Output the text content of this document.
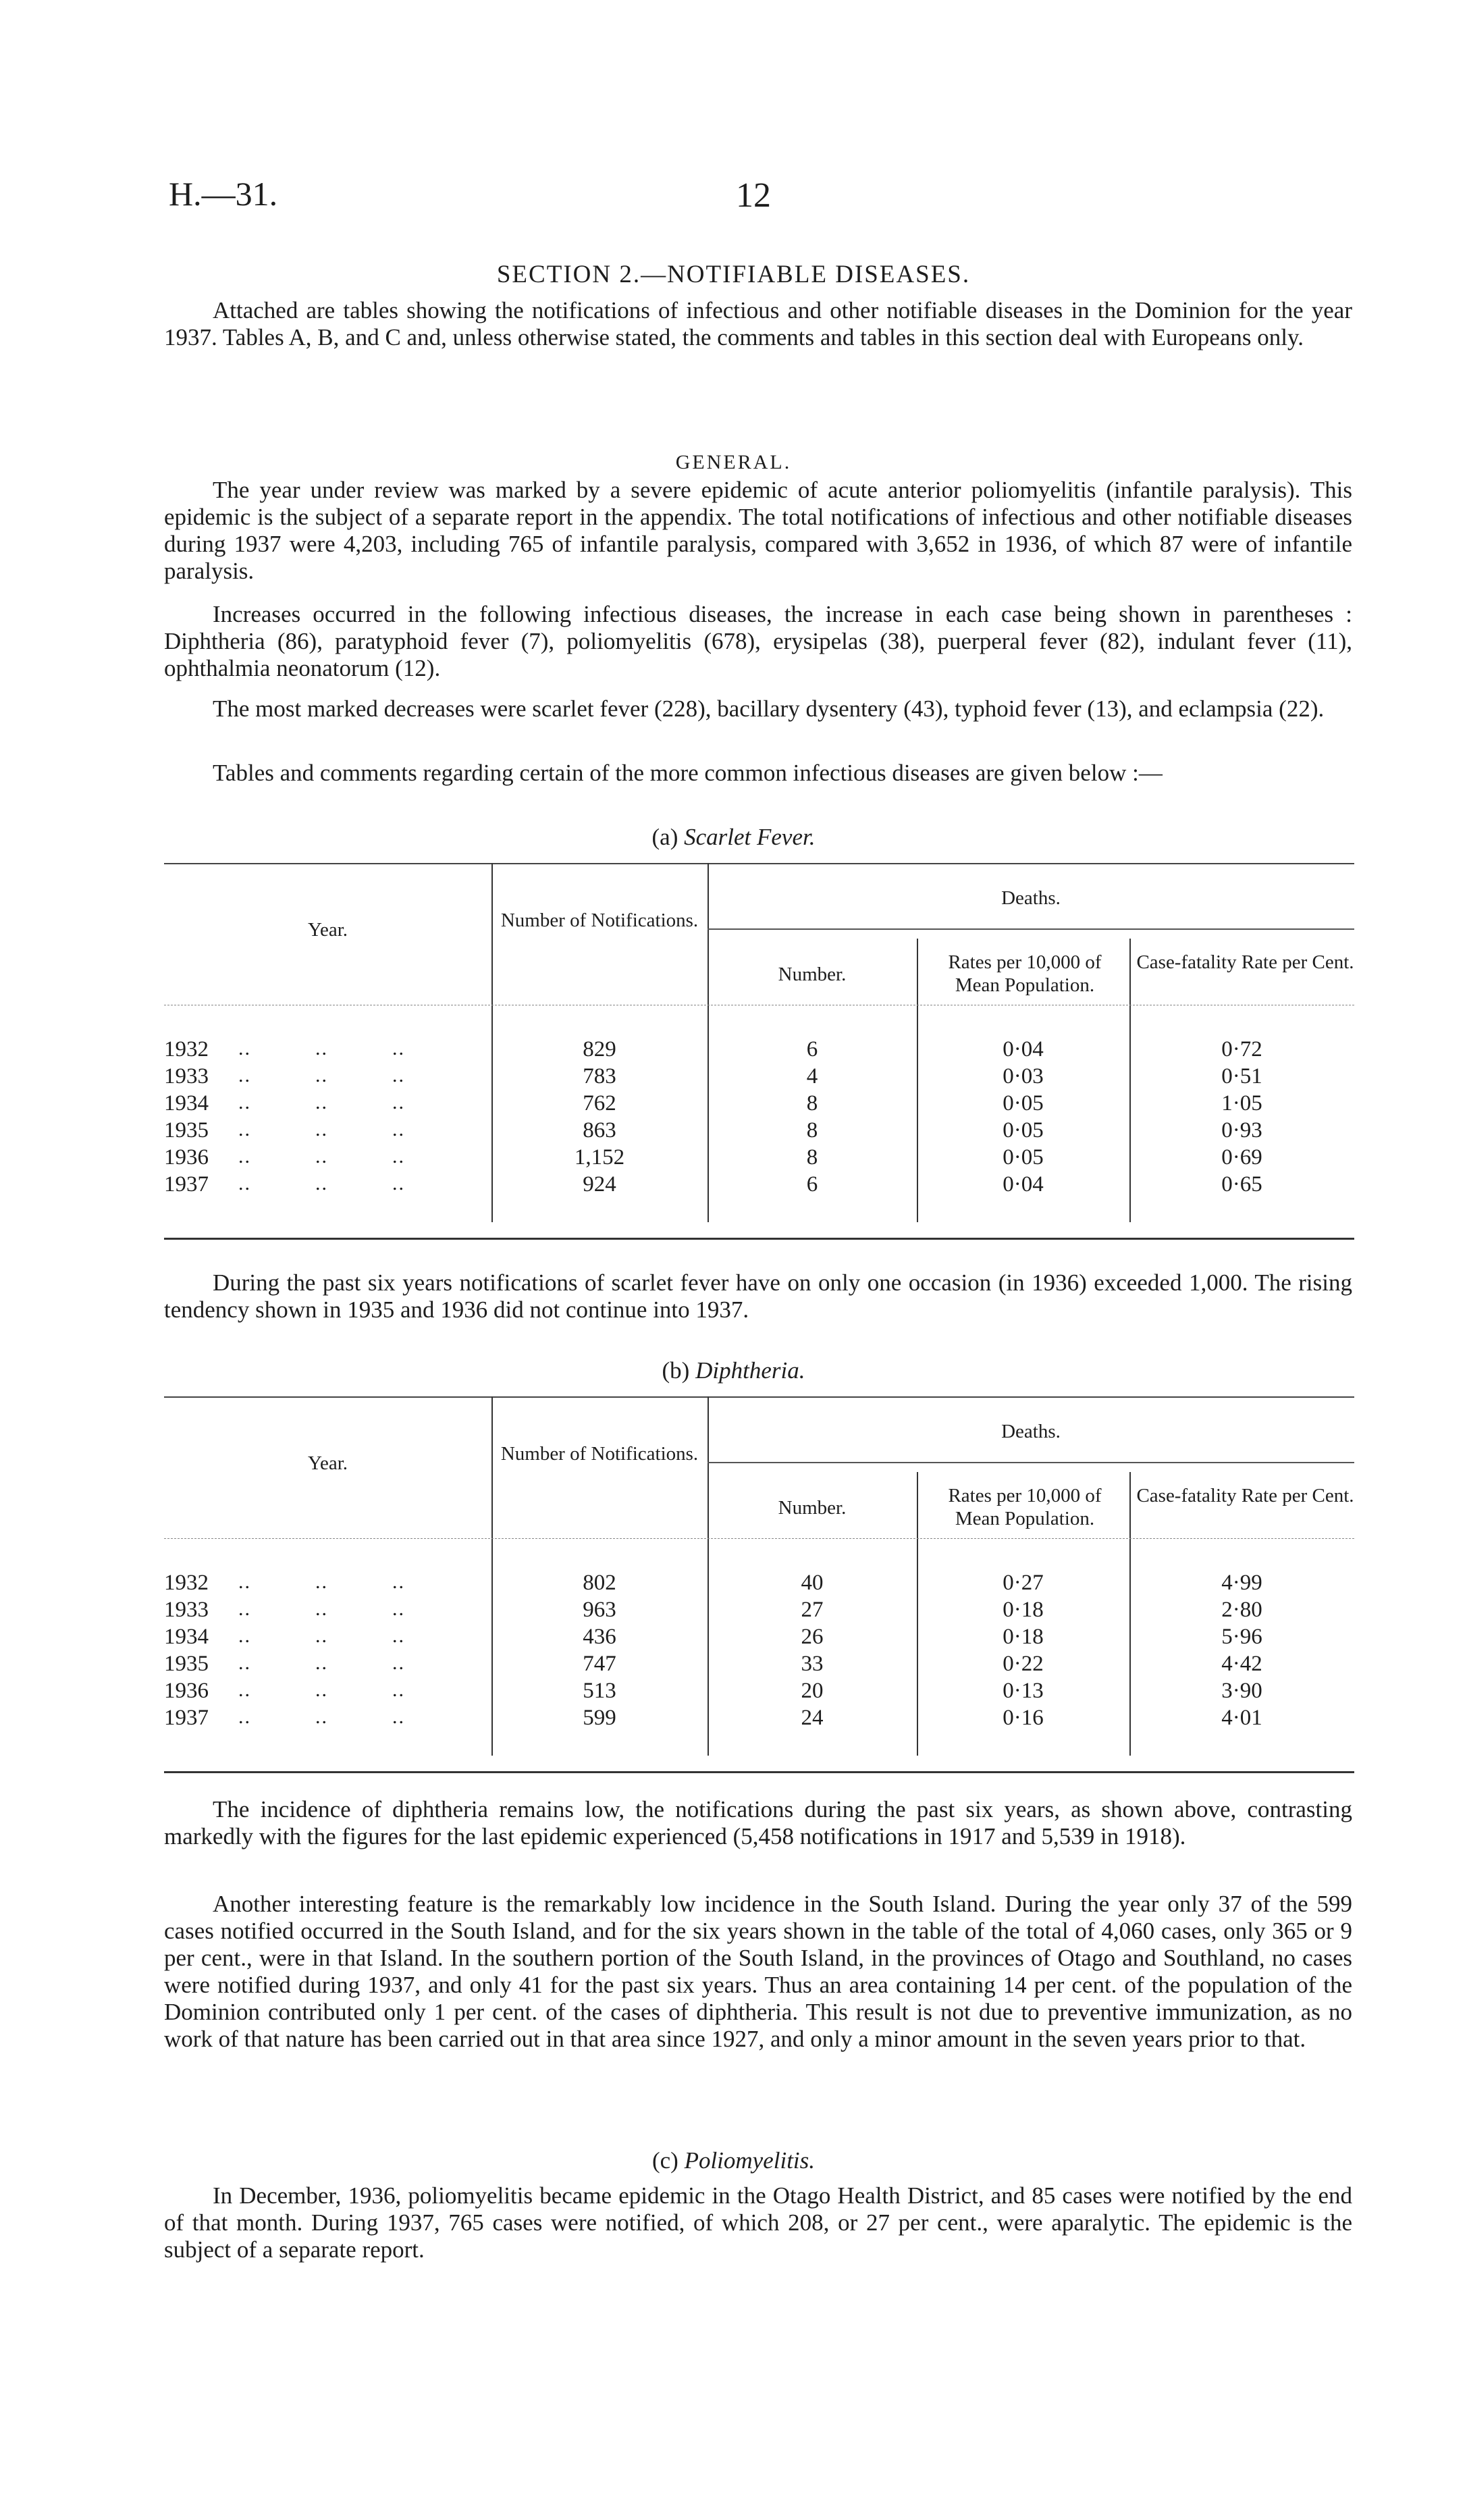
H.—31.	12
SECTION 2.—NOTIFIABLE DISEASES.
Attached are tables showing the notifications of infectious and other notifiable diseases in the Dominion for the year 1937. Tables A, B, and C and, unless otherwise stated, the comments and tables in this section deal with Europeans only.
GENERAL.
The year under review was marked by a severe epidemic of acute anterior poliomyelitis (infantile paralysis). This epidemic is the subject of a separate report in the appendix. The total notifications of infectious and other notifiable diseases during 1937 were 4,203, including 765 of infantile paralysis, compared with 3,652 in 1936, of which 87 were of infantile paralysis.
Increases occurred in the following infectious diseases, the increase in each case being shown in parentheses : Diphtheria (86), paratyphoid fever (7), poliomyelitis (678), erysipelas (38), puerperal fever (82), indulant fever (11), ophthalmia neonatorum (12).
The most marked decreases were scarlet fever (228), bacillary dysentery (43), typhoid fever (13), and eclampsia (22).
Tables and comments regarding certain of the more common infectious diseases are given below :—
(a) Scarlet Fever.
Year.	Number of Notifications.
Deaths.
Number.
Rates per 10,000 of Mean Population.
Case-fatality Rate per Cent.
1932 ..          ..          ..	829	6	0·04	0·72
1933 ..          ..          ..	783	4	0·03	0·51
1934 ..          ..          ..	762	8	0·05	1·05
1935 ..          ..          ..	863	8	0·05	0·93
1936 ..          ..          ..	1,152	8	0·05	0·69
1937 ..          ..          ..	924	6	0·04	0·65
During the past six years notifications of scarlet fever have on only one occasion (in 1936) exceeded 1,000. The rising tendency shown in 1935 and 1936 did not continue into 1937.
(b) Diphtheria.
Year.	Number of Notifications.
Deaths.
Number.
Rates per 10,000 of Mean Population.
Case-fatality Rate per Cent.
1932 ..          ..          ..	802	40	0·27	4·99
1933 ..          ..          ..	963	27	0·18	2·80
1934 ..          ..          ..	436	26	0·18	5·96
1935 ..          ..          ..	747	33	0·22	4·42
1936 ..          ..          ..	513	20	0·13	3·90
1937 ..          ..          ..	599	24	0·16	4·01
The incidence of diphtheria remains low, the notifications during the past six years, as shown above, contrasting markedly with the figures for the last epidemic experienced (5,458 notifications in 1917 and 5,539 in 1918).
Another interesting feature is the remarkably low incidence in the South Island. During the year only 37 of the 599 cases notified occurred in the South Island, and for the six years shown in the table of the total of 4,060 cases, only 365 or 9 per cent., were in that Island. In the southern portion of the South Island, in the provinces of Otago and Southland, no cases were notified during 1937, and only 41 for the past six years. Thus an area containing 14 per cent. of the population of the Dominion contributed only 1 per cent. of the cases of diphtheria. This result is not due to preventive immunization, as no work of that nature has been carried out in that area since 1927, and only a minor amount in the seven years prior to that.
(c) Poliomyelitis.
In December, 1936, poliomyelitis became epidemic in the Otago Health District, and 85 cases were notified by the end of that month. During 1937, 765 cases were notified, of which 208, or 27 per cent., were aparalytic. The epidemic is the subject of a separate report.
